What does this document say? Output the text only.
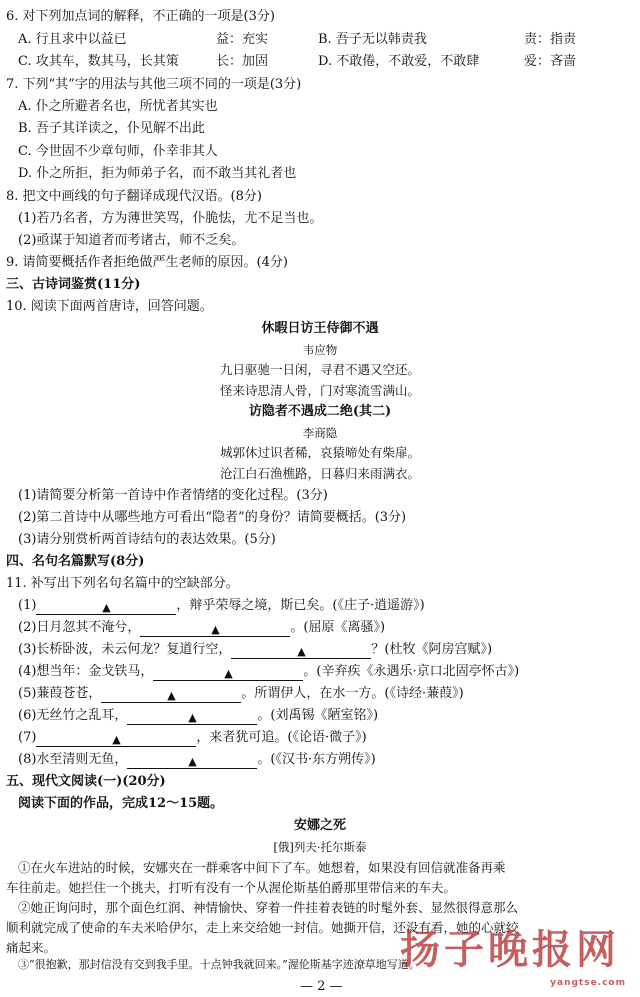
6. 对下列加点词的解释，不正确的一项是(3分)
A. 行且求中以益已	益：充实	B. 吾子无以韩责我	责：指责
C. 攻其车，数其马，长其策	长：加固	D. 不敢倦，不敢爱，不敢肆	爱：吝啬
7. 下列“其”字的用法与其他三项不同的一项是(3分)
A. 仆之所避者名也，所忧者其实也
B. 吾子其详读之，仆见解不出此
C. 今世固不少章句师，仆幸非其人
D. 仆之所拒，拒为师弟子名，而不敢当其礼者也
8. 把文中画线的句子翻译成现代汉语。(8分)
(1)若乃名者，方为薄世笑骂，仆脆怯，尤不足当也。
(2)亟谋于知道者而考诸古，师不乏矣。
9. 请简要概括作者拒绝做严生老师的原因。(4分)
三、古诗词鉴赏(11分)
10. 阅读下面两首唐诗，回答问题。
休暇日访王侍御不遇
韦应物
九日驱驰一日闲，寻君不遇又空还。
怪来诗思清人骨，门对寒流雪满山。
访隐者不遇成二绝(其二)
李商隐
城郭休过识者稀，哀猿啼处有柴扉。
沧江白石渔樵路，日暮归来雨满衣。
(1)请简要分析第一首诗中作者情绪的变化过程。(3分)
(2)第二首诗中从哪些地方可看出“隐者”的身份？请简要概括。(3分)
(3)请分别赏析两首诗结句的表达效果。(5分)
四、名句名篇默写(8分)
11. 补写出下列名句名篇中的空缺部分。
(1)	▲	，辩乎荣辱之境，斯已矣。(《庄子·逍遥游》)
(2)日月忽其不淹兮，	▲	。(屈原《离骚》)
(3)长桥卧波，未云何龙？复道行空，	▲	？(杜牧《阿房宫赋》)
(4)想当年：金戈铁马，	▲	。(辛弃疾《永遇乐·京口北固亭怀古》)
(5)蒹葭苍苍，	▲	。所谓伊人，在水一方。(《诗经·蒹葭》)
(6)无丝竹之乱耳，	▲	。(刘禹锡《陋室铭》)
(7)	▲	，来者犹可追。(《论语·微子》)
(8)水至清则无鱼，	▲	。(《汉书·东方朔传》)
五、现代文阅读(一)(20分)
阅读下面的作品，完成12～15题。
安娜之死
[俄]列夫·托尔斯泰
①在火车进站的时候，安娜夹在一群乘客中间下了车。她想着，如果没有回信就准备再乘
车往前走。她拦住一个挑夫，打听有没有一个从渥伦斯基伯爵那里带信来的车夫。
②她正询问时，那个面色红润、神情愉快、穿着一件挂着表链的时髦外套、显然很得意那么
顺利就完成了使命的车夫米哈伊尔，走上来交给她一封信。她撕开信，还没有看，她的心就绞
痛起来。
③“很抱歉，那封信没有交到我手里。十点钟我就回来。”渥伦斯基字迹潦草地写道。
— 2 —
扬子晚报网
yangtse.com
